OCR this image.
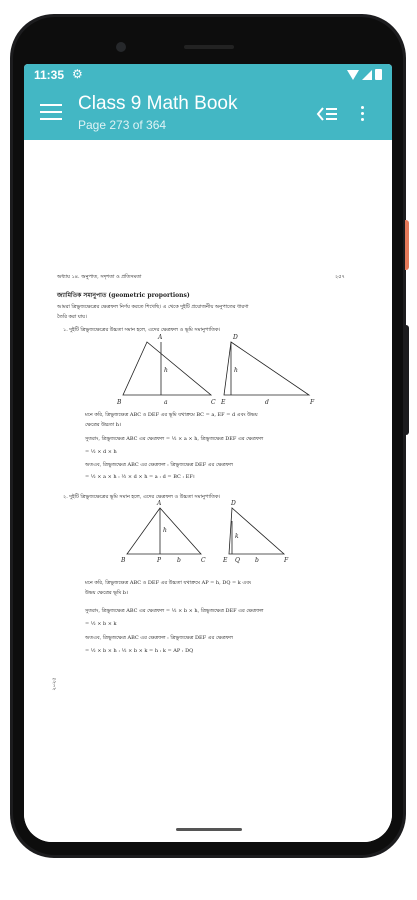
11:35 ⚙
Class 9 Math Book
Page 273 of 364
অধ্যায় ১৪. অনুপাত, সদৃশতা ও প্রতিসমতা	২৫৭
জ্যামিতিক সমানুপাত (geometric proportions)
আমরা ত্রিভুজক্ষেত্রের ক্ষেত্রফল নির্ণয় করতে শিখেছি। এ থেকে দুইটি প্রয়োজনীয় অনুপাতের ধারণা
তৈরি করা যায়।
১. দুইটি ত্রিভুজক্ষেত্রের উচ্চতা সমান হলে, এদের ক্ষেত্রফল ও ভূমি সমানুপাতিক।
A
B	C
D
E	F
h	h
a	d
মনে করি, ত্রিভুজক্ষেত্র ABC ও DEF এর ভূমি যথাক্রমে BC = a, EF = d এবং উভয়
ক্ষেত্রের উচ্চতা h।
সুতরাং, ত্রিভুজক্ষেত্র ABC এর ক্ষেত্রফল = ½ × a × h, ত্রিভুজক্ষেত্র DEF এর ক্ষেত্রফল
= ½ × d × h
অতএব, ত্রিভুজক্ষেত্র ABC এর ক্ষেত্রফল : ত্রিভুজক্ষেত্র DEF এর ক্ষেত্রফল
= ½ × a × h : ½ × d × h = a : d = BC : EF।
২. দুইটি ত্রিভুজক্ষেত্রের ভূমি সমান হলে, এদের ক্ষেত্রফল ও উচ্চতা সমানুপাতিক।
A
B	C
P
D
E	F
Q
h
k
b	b
মনে করি, ত্রিভুজক্ষেত্র ABC ও DEF এর উচ্চতা যথাক্রমে AP = h, DQ = k এবং
উভয় ক্ষেত্রের ভূমি b।
সুতরাং, ত্রিভুজক্ষেত্র ABC এর ক্ষেত্রফল = ½ × b × h, ত্রিভুজক্ষেত্র DEF এর ক্ষেত্রফল
= ½ × b × k
অতএব, ত্রিভুজক্ষেত্র ABC এর ক্ষেত্রফল : ত্রিভুজক্ষেত্র DEF এর ক্ষেত্রফল
= ½ × b × h : ½ × b × k = h : k = AP : DQ
২০২৫
